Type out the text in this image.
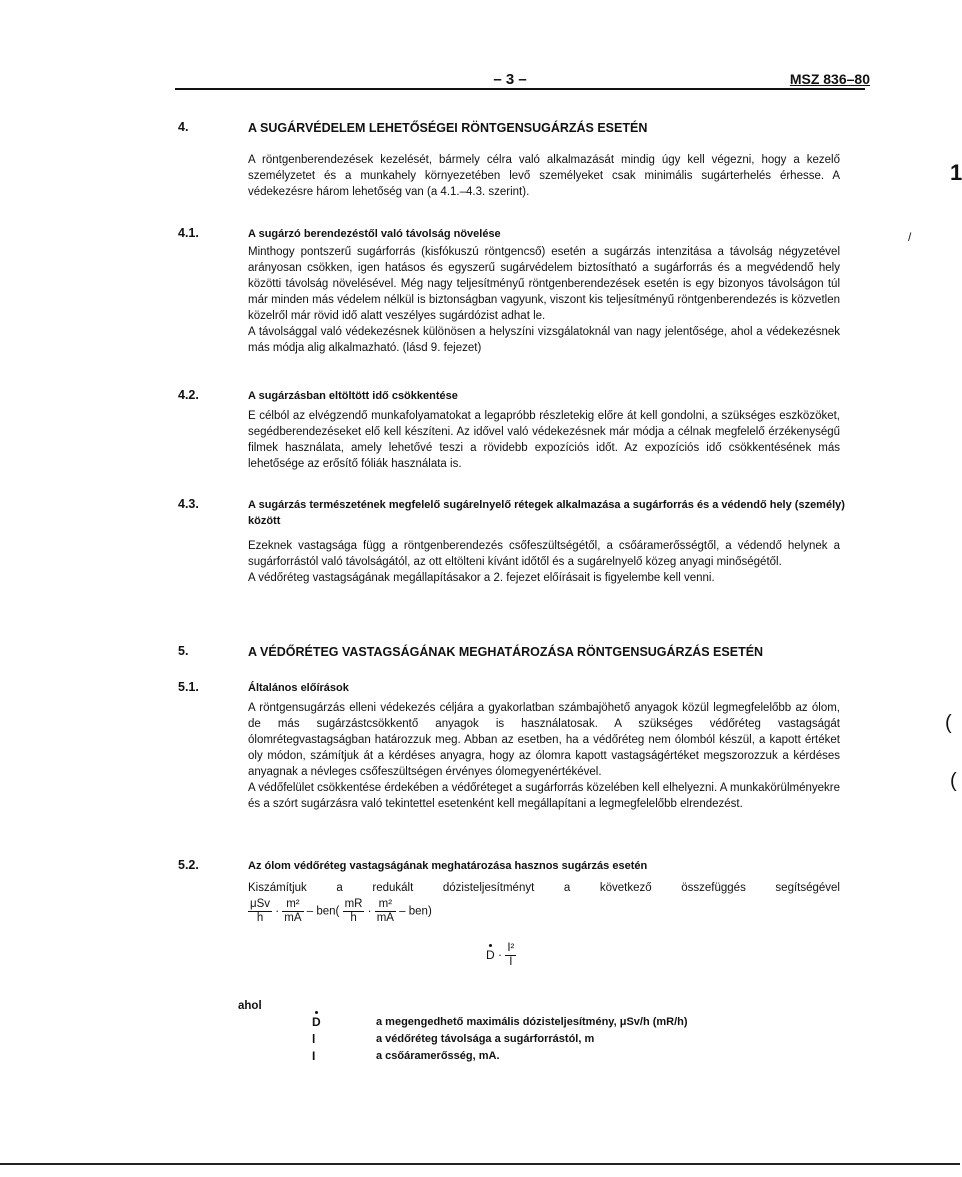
– 3 –	MSZ 836–80
4.	A SUGÁRVÉDELEM LEHETŐSÉGEI RÖNTGENSUGÁRZÁS ESETÉN
A röntgenberendezések kezelését, bármely célra való alkalmazását mindig úgy kell végezni, hogy a kezelő személyzetet és a munkahely környezetében levő személyeket csak minimális sugárterhelés érhesse. A védekezésre három lehetőség van (a 4.1.–4.3. szerint).
4.1.	A sugárzó berendezéstől való távolság növelése
Minthogy pontszerű sugárforrás (kisfókuszú röntgencső) esetén a sugárzás intenzitása a távolság négyzetével arányosan csökken, igen hatásos és egyszerű sugárvédelem biztosítható a sugárforrás és a megvédendő hely közötti távolság növelésével. Még nagy teljesítményű röntgenberendezések esetén is egy bizonyos távolságon túl már minden más védelem nélkül is biztonságban vagyunk, viszont kis teljesítményű röntgenberendezés is közvetlen közelről már rövid idő alatt veszélyes sugárdózist adhat le.
A távolsággal való védekezésnek különösen a helyszíni vizsgálatoknál van nagy jelentősége, ahol a védekezésnek más módja alig alkalmazható. (lásd 9. fejezet)
4.2.	A sugárzásban eltöltött idő csökkentése
E célból az elvégzendő munkafolyamatokat a legapróbb részletekig előre át kell gondolni, a szükséges eszközöket, segédberendezéseket elő kell készíteni. Az idővel való védekezésnek már módja a célnak megfelelő érzékenységű filmek használata, amely lehetővé teszi a rövidebb expozíciós időt. Az expozíciós idő csökkentésének más lehetősége az erősítő fóliák használata is.
4.3.	A sugárzás természetének megfelelő sugárelnyelő rétegek alkalmazása a sugárforrás és a védendő hely (személy) között
Ezeknek vastagsága függ a röntgenberendezés csőfeszültségétől, a csőáramerősségtől, a védendő helynek a sugárforrástól való távolságától, az ott eltölteni kívánt időtől és a sugárelnyelő közeg anyagi minőségétől.
A védőréteg vastagságának megállapításakor a 2. fejezet előírásait is figyelembe kell venni.
5.	A VÉDŐRÉTEG VASTAGSÁGÁNAK MEGHATÁROZÁSA RÖNTGENSUGÁRZÁS ESETÉN
5.1.	Általános előírások
A röntgensugárzás elleni védekezés céljára a gyakorlatban számbajöhető anyagok közül legmegfelelőbb az ólom, de más sugárzástcsökkentő anyagok is használatosak. A szükséges védőréteg vastagságát ólomrétegvastagságban határozzuk meg. Abban az esetben, ha a védőréteg nem ólomból készül, a kapott értéket oly módon, számítjuk át a kérdéses anyagra, hogy az ólomra kapott vastagságértéket megszorozzuk a kérdéses anyagnak a névleges csőfeszültségen érvényes ólomegyenértékével.
A védőfelület csökkentése érdekében a védőréteget a sugárforrás közelében kell elhelyezni. A munkakörülményekre és a szórt sugárzásra való tekintettel esetenként kell megállapítani a legmegfelelőbb elrendezést.
5.2.	Az ólom védőréteg vastagságának meghatározása hasznos sugárzás esetén
Kiszámítjuk a redukált dózisteljesítményt a következő összefüggés segítségével
$\frac{\text{μSv}}{h} \cdot \frac{\text{m²}}{mA} - ben( \frac{mR}{h} \cdot \frac{\text{m²}}{mA} - ben)$
$D \cdot \frac{\text{I²}}{I}$
ahol
D	a megengedhető maximális dózisteljesítmény, μSv/h (mR/h)
l	a védőréteg távolsága a sugárforrástól, m
I	a csőáramerősség, mA.
1
/
(
(
